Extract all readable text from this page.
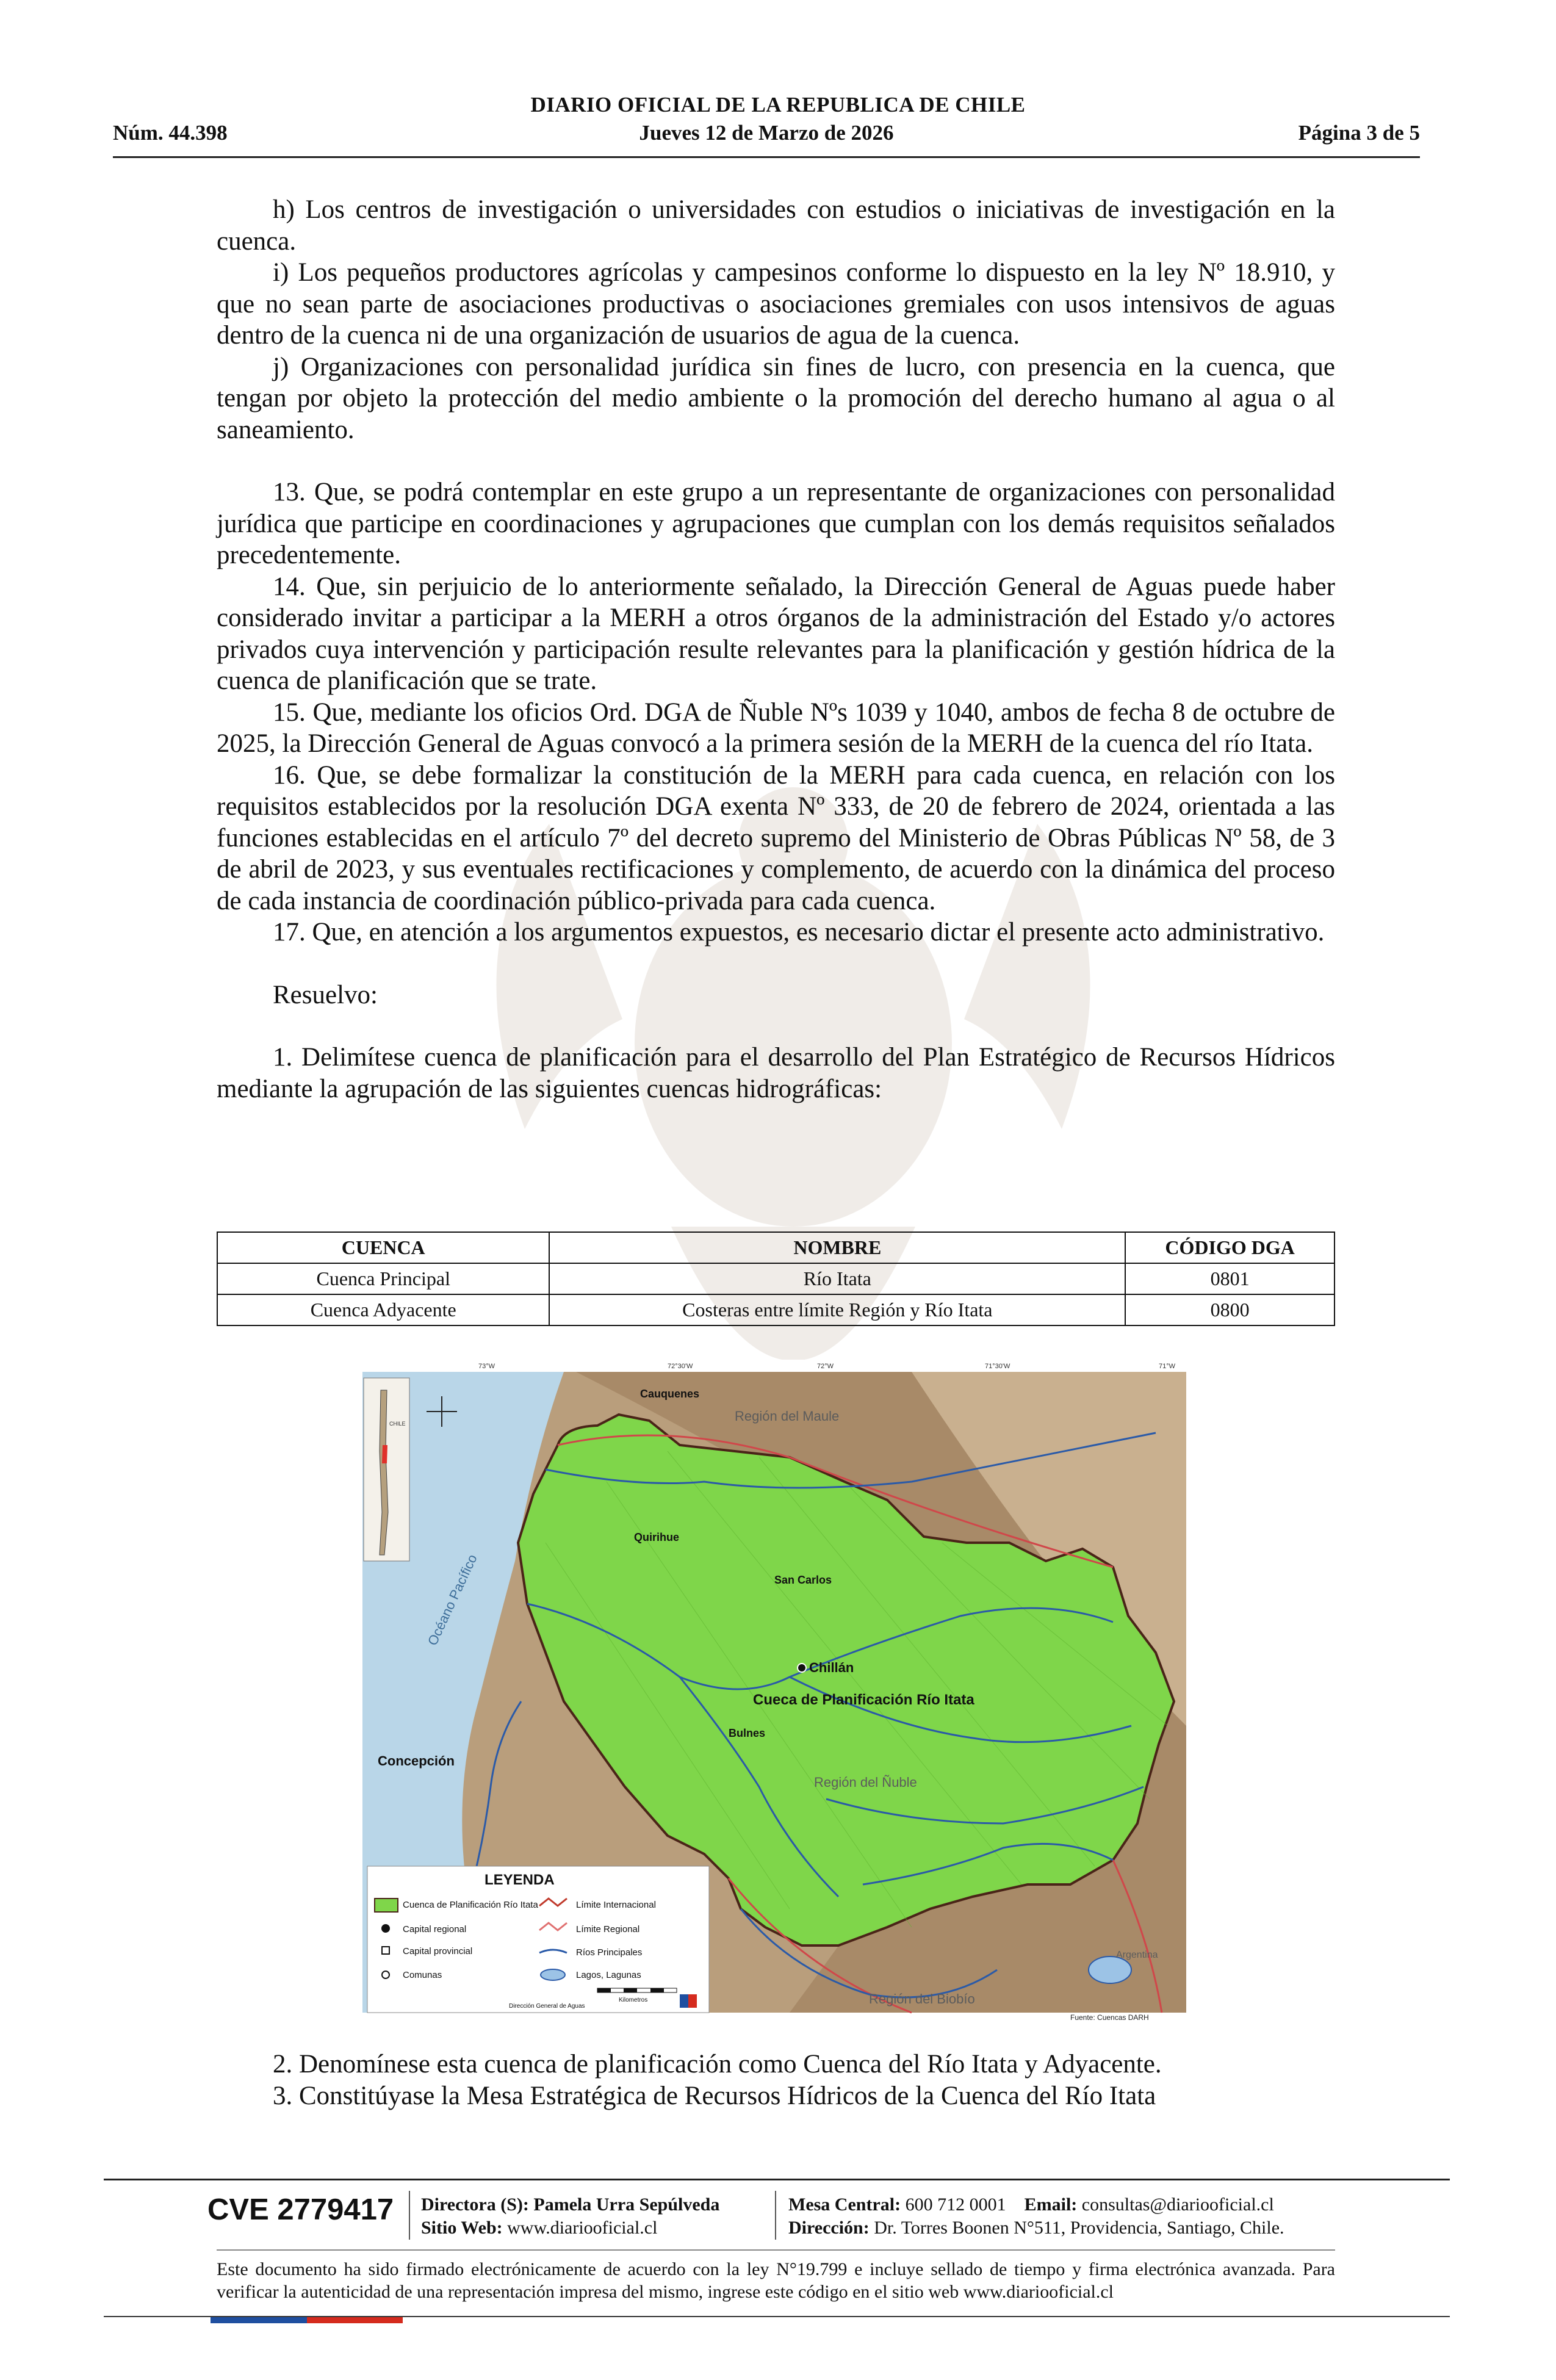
DIARIO OFICIAL DE LA REPUBLICA DE CHILE
Núm. 44.398	Jueves 12 de Marzo de 2026	Página 3 de 5

h) Los centros de investigación o universidades con estudios o iniciativas de investigación en la cuenca.

i) Los pequeños productores agrícolas y campesinos conforme lo dispuesto en la ley Nº 18.910, y que no sean parte de asociaciones productivas o asociaciones gremiales con usos intensivos de aguas dentro de la cuenca ni de una organización de usuarios de agua de la cuenca.

j) Organizaciones con personalidad jurídica sin fines de lucro, con presencia en la cuenca, que tengan por objeto la protección del medio ambiente o la promoción del derecho humano al agua o al saneamiento.

13. Que, se podrá contemplar en este grupo a un representante de organizaciones con personalidad jurídica que participe en coordinaciones y agrupaciones que cumplan con los demás requisitos señalados precedentemente.

14. Que, sin perjuicio de lo anteriormente señalado, la Dirección General de Aguas puede haber considerado invitar a participar a la MERH a otros órganos de la administración del Estado y/o actores privados cuya intervención y participación resulte relevantes para la planificación y gestión hídrica de la cuenca de planificación que se trate.

15. Que, mediante los oficios Ord. DGA de Ñuble Nºs 1039 y 1040, ambos de fecha 8 de octubre de 2025, la Dirección General de Aguas convocó a la primera sesión de la MERH de la cuenca del río Itata.

16. Que, se debe formalizar la constitución de la MERH para cada cuenca, en relación con los requisitos establecidos por la resolución DGA exenta Nº 333, de 20 de febrero de 2024, orientada a las funciones establecidas en el artículo 7º del decreto supremo del Ministerio de Obras Públicas Nº 58, de 3 de abril de 2023, y sus eventuales rectificaciones y complemento, de acuerdo con la dinámica del proceso de cada instancia de coordinación público-privada para cada cuenca.

17. Que, en atención a los argumentos expuestos, es necesario dictar el presente acto administrativo.

Resuelvo:

1. Delimítese cuenca de planificación para el desarrollo del Plan Estratégico de Recursos Hídricos mediante la agrupación de las siguientes cuencas hidrográficas:

CUENCA	NOMBRE	CÓDIGO DGA
Cuenca Principal	Río Itata	0801
Cuenca Adyacente	Costeras entre límite Región y Río Itata	0800
73°W	72°30'W	72°W	71°30'W	71°W
CHILE	Región del Maule
Región del Ñuble
Región del Biobío
Argentina
Océano Pacífico
Cueca de Planificación Río Itata
Chillán
Cauquenes
Quirihue
San Carlos
Bulnes
Concepción
Fuente: Cuencas DARH
LEYENDA
Cuenca de Planificación Río Itata
Capital regional
Capital provincial
Comunas
Límite Internacional
Límite Regional
Ríos Principales
Lagos, Lagunas
Kilometros
Dirección General de Aguas

2. Denomínese esta cuenca de planificación como Cuenca del Río Itata y Adyacente.

3. Constitúyase la Mesa Estratégica de Recursos Hídricos de la Cuenca del Río Itata

CVE 2779417 Directora (S): Pamela Urra Sepúlveda
Sitio Web: www.diariooficial.cl
Mesa Central: 600 712 0001 Email: consultas@diariooficial.cl
Dirección: Dr. Torres Boonen N°511, Providencia, Santiago, Chile.
Este documento ha sido firmado electrónicamente de acuerdo con la ley N°19.799 e incluye sellado de tiempo y firma electrónica avanzada. Para verificar la autenticidad de una representación impresa del mismo, ingrese este código en el sitio web www.diariooficial.cl
